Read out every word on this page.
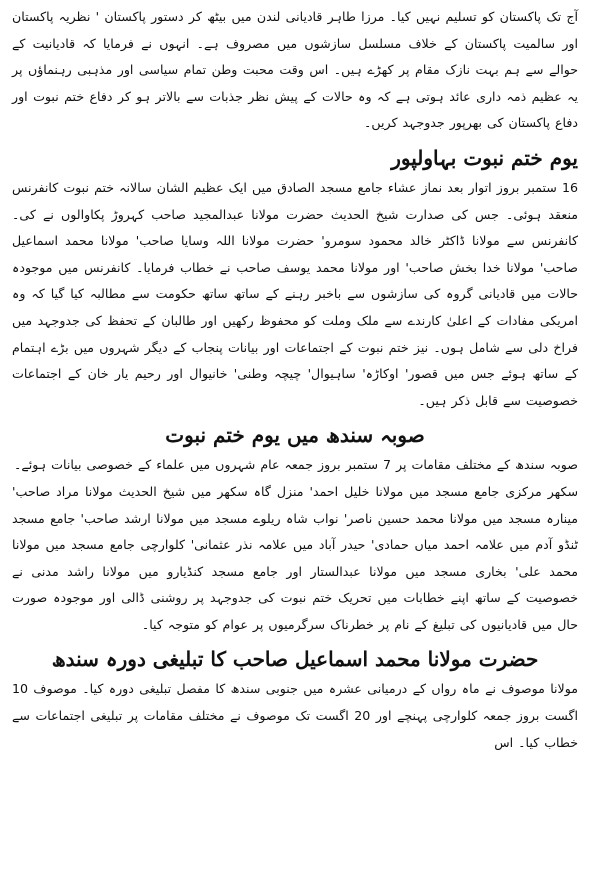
آج تک پاکستان کو تسلیم نہیں کیا۔ مرزا طاہر قادیانی لندن میں بیٹھ کر دستور پاکستان ' نظریہ پاکستان اور سالمیت پاکستان کے خلاف مسلسل سازشوں میں مصروف ہے۔ انہوں نے فرمایا کہ قادیانیت کے حوالے سے ہم بہت نازک مقام پر کھڑے ہیں۔ اس وقت محبت وطن تمام سیاسی اور مذہبی رہنماؤں پر یہ عظیم ذمہ داری عائد ہوتی ہے کہ وہ حالات کے پیش نظر جذبات سے بالاتر ہو کر دفاع ختم نبوت اور دفاع پاکستان کی بھرپور جدوجہد کریں۔

یوم ختم نبوت بہاولپور

16 ستمبر بروز اتوار بعد نماز عشاء جامع مسجد الصادق میں ایک عظیم الشان سالانہ ختم نبوت کانفرنس منعقد ہوئی۔ جس کی صدارت شیخ الحدیث حضرت مولانا عبدالمجید صاحب کہروڑ پکاوالوں نے کی۔ کانفرنس سے مولانا ڈاکٹر خالد محمود سومرو' حضرت مولانا اللہ وسایا صاحب' مولانا محمد اسماعیل صاحب' مولانا خدا بخش صاحب' اور مولانا محمد یوسف صاحب نے خطاب فرمایا۔ کانفرنس میں موجودہ حالات میں قادیانی گروہ کی سازشوں سے باخبر رہنے کے ساتھ ساتھ حکومت سے مطالبہ کیا گیا کہ وہ امریکی مفادات کے اعلیٰ کارندے سے ملک وملت کو محفوظ رکھیں اور طالبان کے تحفظ کی جدوجہد میں فراخ دلی سے شامل ہوں۔ نیز ختم نبوت کے اجتماعات اور بیانات پنجاب کے دیگر شہروں میں بڑے اہتمام کے ساتھ ہوئے جس میں قصور' اوکاڑہ' ساہیوال' چیچہ وطنی' خانیوال اور رحیم یار خان کے اجتماعات خصوصیت سے قابل ذکر ہیں۔

صوبہ سندھ میں یوم ختم نبوت

صوبہ سندھ کے مختلف مقامات پر 7 ستمبر بروز جمعہ عام شہروں میں علماء کے خصوصی بیانات ہوئے۔

سکھر مرکزی جامع مسجد میں مولانا خلیل احمد' منزل گاہ سکھر میں شیخ الحدیث مولانا مراد صاحب' مینارہ مسجد میں مولانا محمد حسین ناصر' نواب شاہ ریلوے مسجد میں مولانا ارشد صاحب' جامع مسجد ٹنڈو آدم میں علامہ احمد میاں حمادی' حیدر آباد میں علامہ نذر عثمانی' کلوارچی جامع مسجد میں مولانا محمد علی' بخاری مسجد میں مولانا عبدالستار اور جامع مسجد کنڈیارو میں مولانا راشد مدنی نے خصوصیت کے ساتھ اپنے خطابات میں تحریک ختم نبوت کی جدوجہد پر روشنی ڈالی اور موجودہ صورت حال میں قادیانیوں کی تبلیغ کے نام پر خطرناک سرگرمیوں پر عوام کو متوجہ کیا۔

حضرت مولانا محمد اسماعیل صاحب کا تبلیغی دورہ سندھ

مولانا موصوف نے ماہ رواں کے درمیانی عشرہ میں جنوبی سندھ کا مفصل تبلیغی دورہ کیا۔ موصوف 10 اگست بروز جمعہ کلوارچی پہنچے اور 20 اگست تک موصوف نے مختلف مقامات پر تبلیغی اجتماعات سے خطاب کیا۔ اس
